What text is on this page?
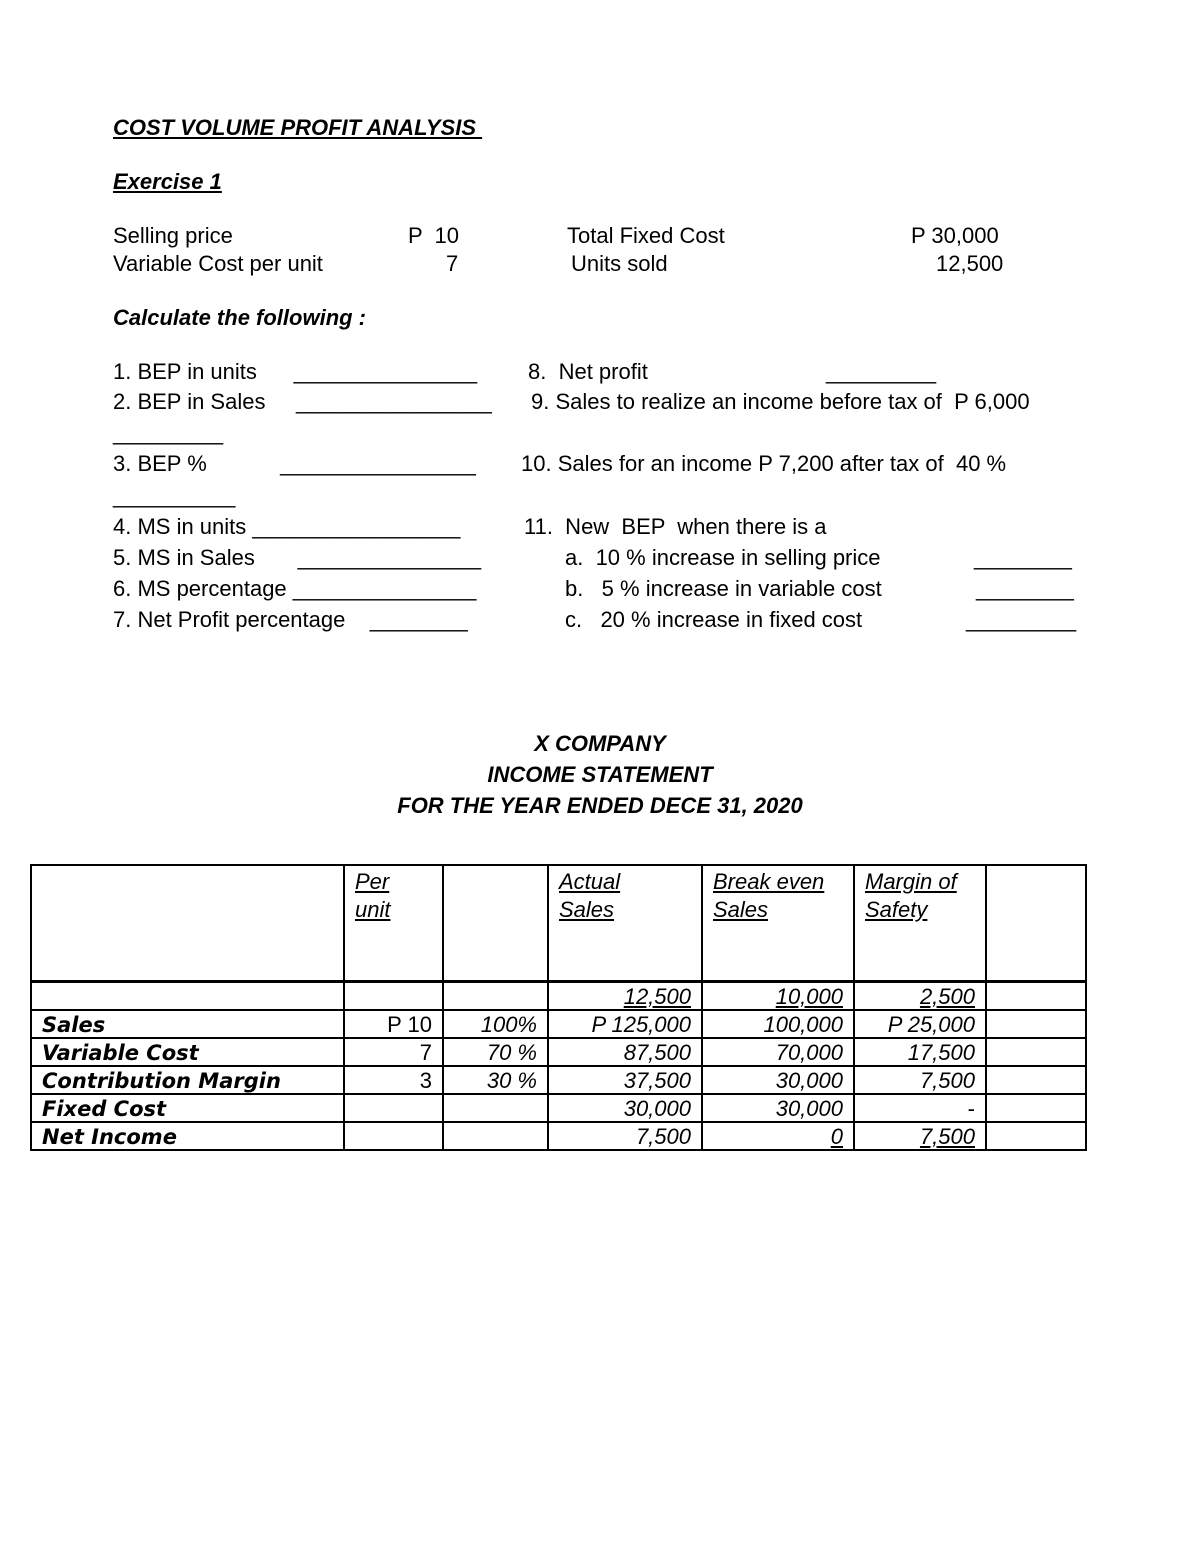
COST VOLUME PROFIT ANALYSIS
Exercise 1
Selling price	P  10
Variable Cost per unit	7
Total Fixed Cost	P 30,000
Units sold	12,500
Calculate the following :
1. BEP in units      _______________
2. BEP in Sales     ________________
_________
3. BEP %            ________________
__________
4. MS in units _________________
5. MS in Sales       _______________
6. MS percentage _______________
7. Net Profit percentage    ________
8.  Net profit	_________
9. Sales to realize an income before tax of  P 6,000
10. Sales for an income P 7,200 after tax of  40 %
11.  New  BEP  when there is a
a.  10 % increase in selling price	________
b.   5 % increase in variable cost	________
c.   20 % increase in fixed cost	_________
X COMPANY
INCOME STATEMENT
FOR THE YEAR ENDED DECE 31, 2020
	Per unit		Actual Sales	Break even Sales	Margin of Safety	
			12,500	10,000	2,500	
Sales	P 10	100%	P 125,000	100,000	P 25,000	
Variable Cost	7	70 %	87,500	70,000	17,500	
Contribution Margin	3	30 %	37,500	30,000	7,500	
Fixed Cost			30,000	30,000	-	
Net Income			7,500	0	7,500	
